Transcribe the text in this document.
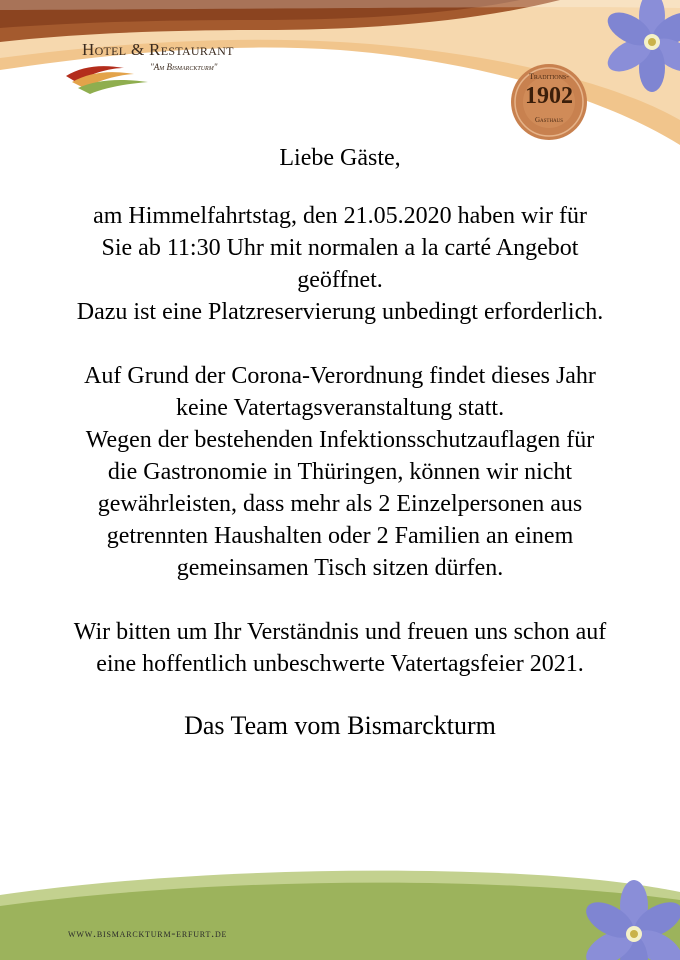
Hotel & Restaurant
"Am Bismarckturm"
Traditions-
1902
Gasthaus

Liebe Gäste,

am Himmelfahrtstag, den 21.05.2020 haben wir für
Sie ab 11:30 Uhr mit normalen a la carté Angebot
geöffnet.
Dazu ist eine Platzreservierung unbedingt erforderlich.

Auf Grund der Corona-Verordnung findet dieses Jahr
keine Vatertagsveranstaltung statt.
Wegen der bestehenden Infektionsschutzauflagen für
die Gastronomie in Thüringen, können wir nicht
gewährleisten, dass mehr als 2 Einzelpersonen aus
getrennten Haushalten oder 2 Familien an einem
gemeinsamen Tisch sitzen dürfen.

Wir bitten um Ihr Verständnis und freuen uns schon auf
eine hoffentlich unbeschwerte Vatertagsfeier 2021.

Das Team vom Bismarckturm

www.bismarckturm-erfurt.de
